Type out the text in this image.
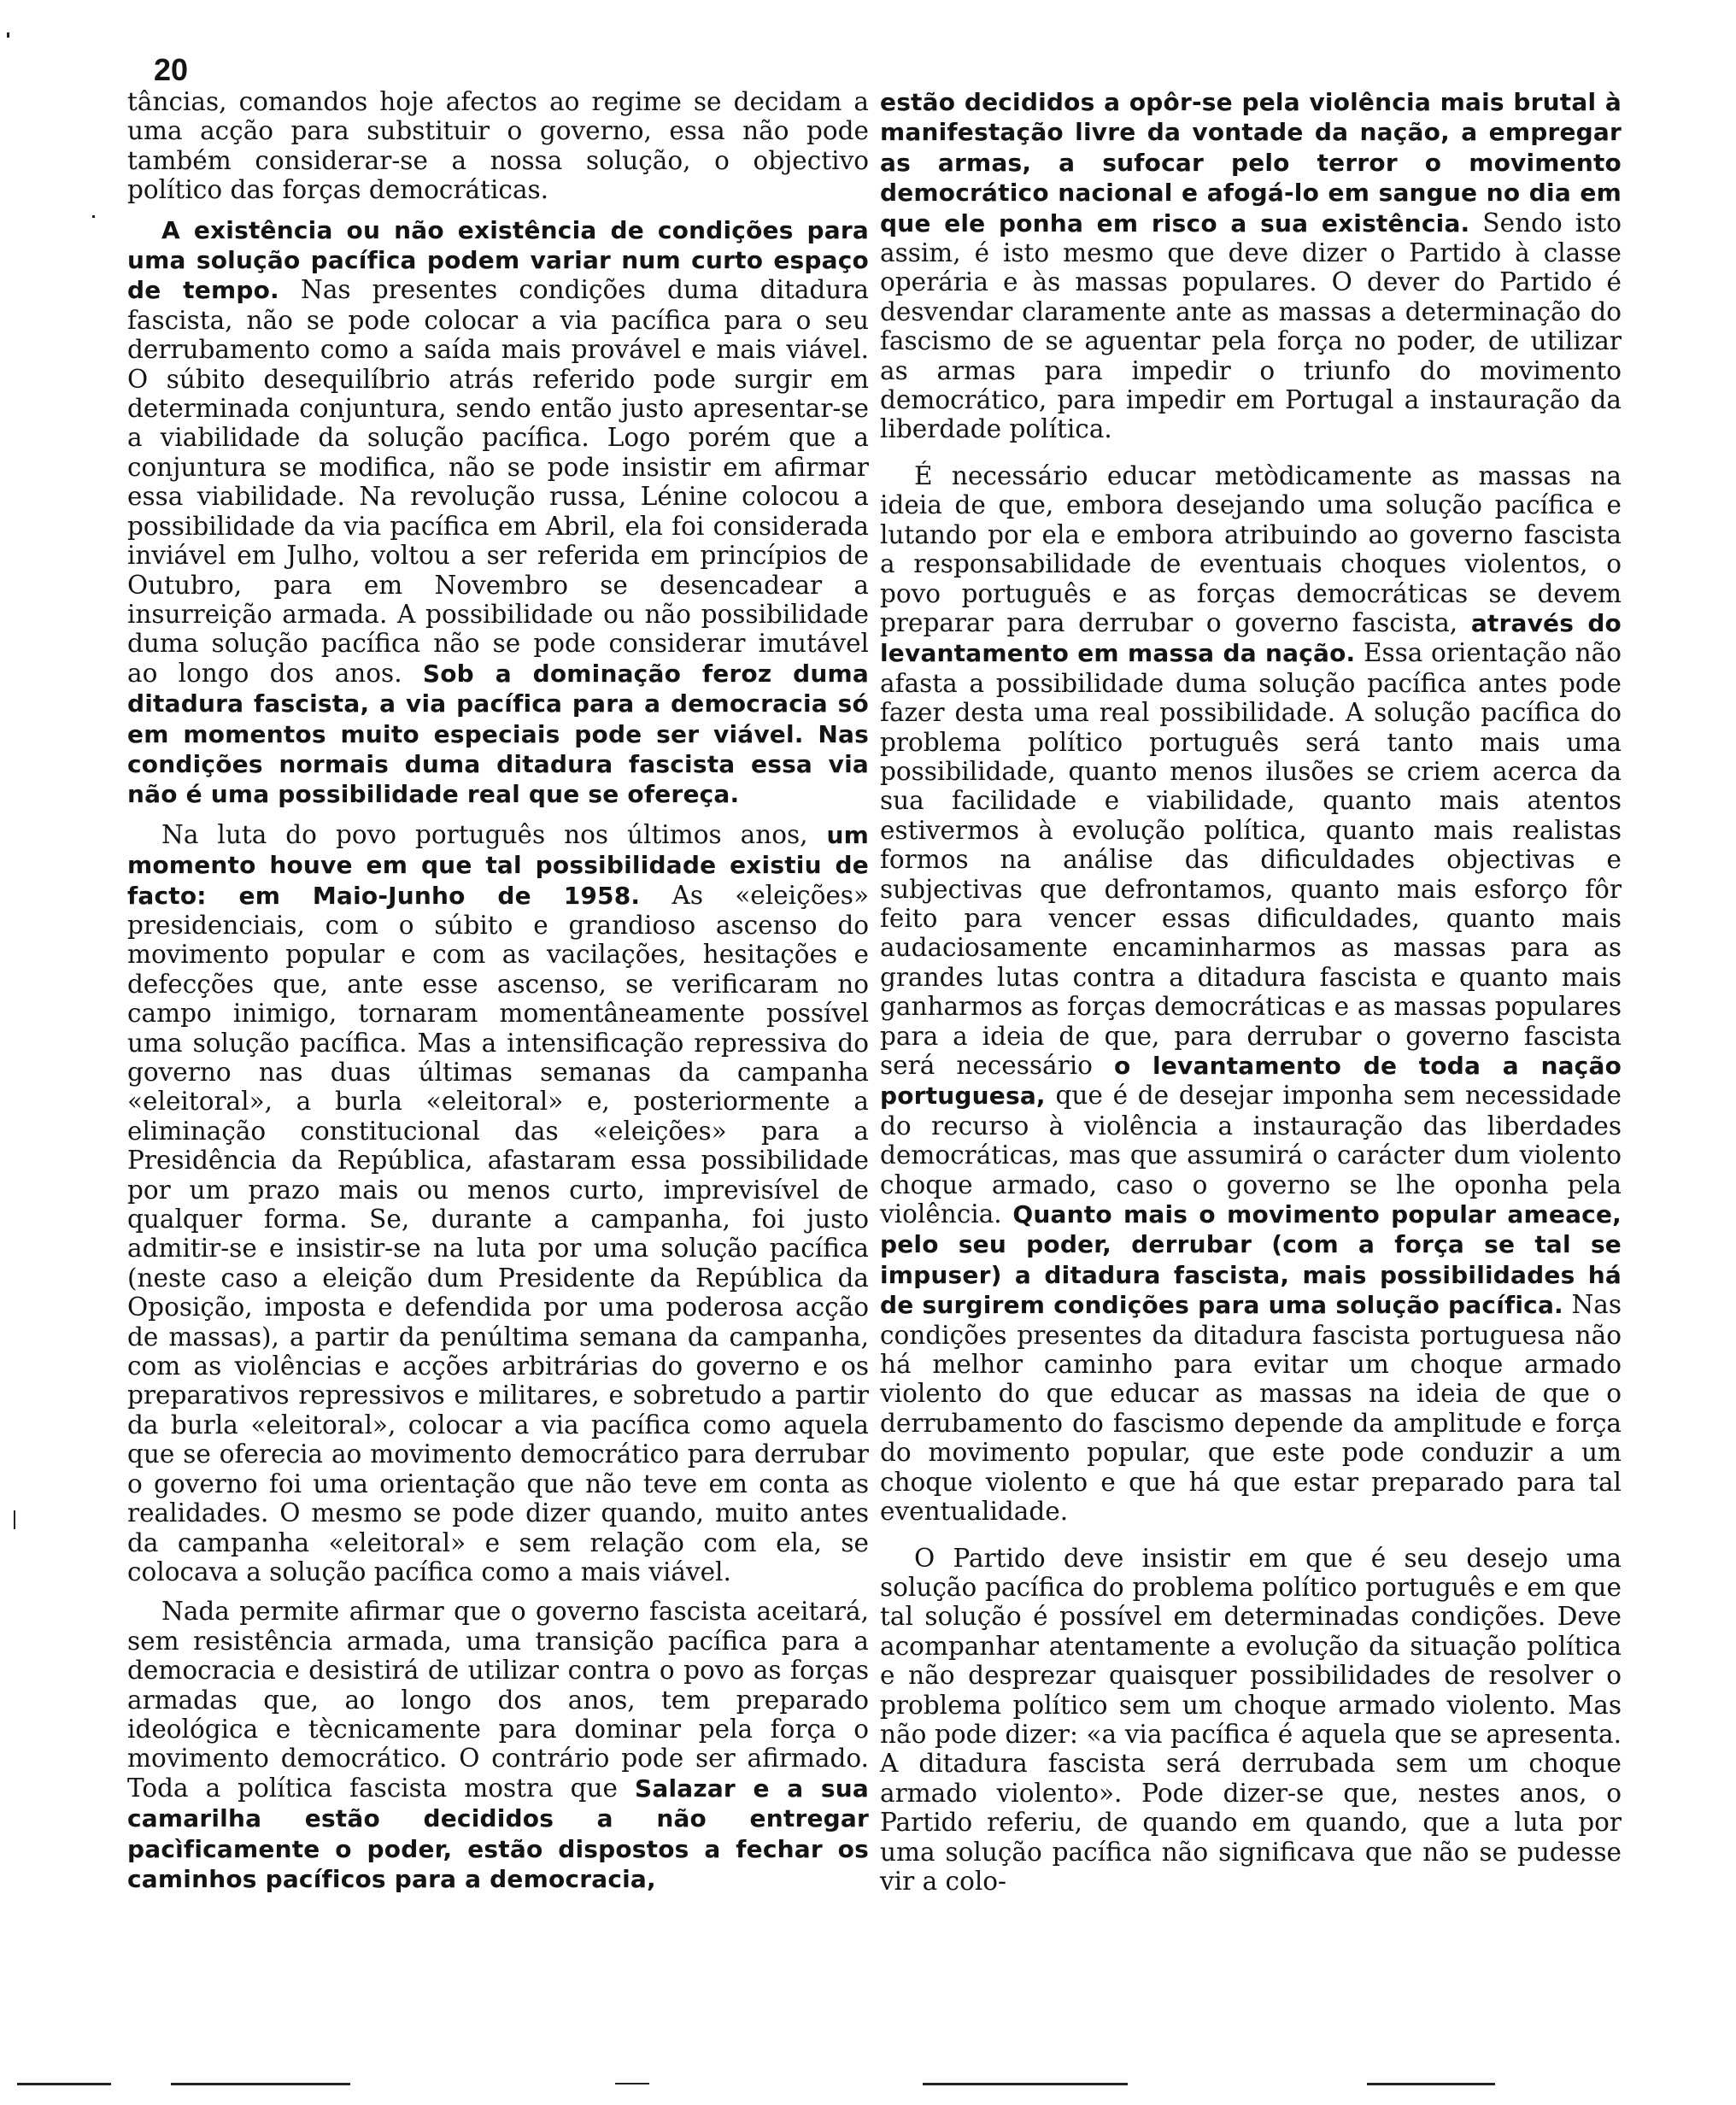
20

tâncias, comandos hoje afectos ao regime se decidam a uma acção para substituir o governo, essa não pode também considerar-se a nossa solução, o objectivo político das forças democráticas.

A existência ou não existência de condições para uma solução pacífica podem variar num curto espaço de tempo. Nas presentes condições duma ditadura fascista, não se pode colocar a via pacífica para o seu derrubamento como a saída mais provável e mais viável. O súbito desequilíbrio atrás referido pode surgir em determinada conjuntura, sendo então justo apresentar-se a viabilidade da solução pacífica. Logo porém que a conjuntura se modifica, não se pode insistir em afirmar essa viabilidade. Na revolução russa, Lénine colocou a possibilidade da via pacífica em Abril, ela foi considerada inviável em Julho, voltou a ser referida em princípios de Outubro, para em Novembro se desencadear a insurreição armada. A possibilidade ou não possibilidade duma solução pacífica não se pode considerar imutável ao longo dos anos. Sob a dominação feroz duma ditadura fascista, a via pacífica para a democracia só em momentos muito especiais pode ser viável. Nas condições normais duma ditadura fascista essa via não é uma possibilidade real que se ofereça.

Na luta do povo português nos últimos anos, um momento houve em que tal possibilidade existiu de facto: em Maio-Junho de 1958. As «eleições» presidenciais, com o súbito e grandioso ascenso do movimento popular e com as vacilações, hesitações e defecções que, ante esse ascenso, se verificaram no campo inimigo, tornaram momentâneamente possível uma solução pacífica. Mas a intensificação repressiva do governo nas duas últimas semanas da campanha «eleitoral», a burla «eleitoral» e, posteriormente a eliminação constitucional das «eleições» para a Presidência da República, afastaram essa possibilidade por um prazo mais ou menos curto, imprevisível de qualquer forma. Se, durante a campanha, foi justo admitir-se e insistir-se na luta por uma solução pacífica (neste caso a eleição dum Presidente da República da Oposição, imposta e defendida por uma poderosa acção de massas), a partir da penúltima semana da campanha, com as violências e acções arbitrárias do governo e os preparativos repressivos e militares, e sobretudo a partir da burla «eleitoral», colocar a via pacífica como aquela que se oferecia ao movimento democrático para derrubar o governo foi uma orientação que não teve em conta as realidades. O mesmo se pode dizer quando, muito antes da campanha «eleitoral» e sem relação com ela, se colocava a solução pacífica como a mais viável.

Nada permite afirmar que o governo fascista aceitará, sem resistência armada, uma transição pacífica para a democracia e desistirá de utilizar contra o povo as forças armadas que, ao longo dos anos, tem preparado ideológica e tècnicamente para dominar pela força o movimento democrático. O contrário pode ser afirmado. Toda a política fascista mostra que Salazar e a sua camarilha estão decididos a não entregar pacìficamente o poder, estão dispostos a fechar os caminhos pacíficos para a democracia,

estão decididos a opôr-se pela violência mais brutal à manifestação livre da vontade da nação, a empregar as armas, a sufocar pelo terror o movimento democrático nacional e afogá-lo em sangue no dia em que ele ponha em risco a sua existência. Sendo isto assim, é isto mesmo que deve dizer o Partido à classe operária e às massas populares. O dever do Partido é desvendar claramente ante as massas a determinação do fascismo de se aguentar pela força no poder, de utilizar as armas para impedir o triunfo do movimento democrático, para impedir em Portugal a instauração da liberdade política.

É necessário educar metòdicamente as massas na ideia de que, embora desejando uma solução pacífica e lutando por ela e embora atribuindo ao governo fascista a responsabilidade de eventuais choques violentos, o povo português e as forças democráticas se devem preparar para derrubar o governo fascista, através do levantamento em massa da nação. Essa orientação não afasta a possibilidade duma solução pacífica antes pode fazer desta uma real possibilidade. A solução pacífica do problema político português será tanto mais uma possibilidade, quanto menos ilusões se criem acerca da sua facilidade e viabilidade, quanto mais atentos estivermos à evolução política, quanto mais realistas formos na análise das dificuldades objectivas e subjectivas que defrontamos, quanto mais esforço fôr feito para vencer essas dificuldades, quanto mais audaciosamente encaminharmos as massas para as grandes lutas contra a ditadura fascista e quanto mais ganharmos as forças democráticas e as massas populares para a ideia de que, para derrubar o governo fascista será necessário o levantamento de toda a nação portuguesa, que é de desejar imponha sem necessidade do recurso à violência a instauração das liberdades democráticas, mas que assumirá o carácter dum violento choque armado, caso o governo se lhe oponha pela violência. Quanto mais o movimento popular ameace, pelo seu poder, derrubar (com a força se tal se impuser) a ditadura fascista, mais possibilidades há de surgirem condições para uma solução pacífica. Nas condições presentes da ditadura fascista portuguesa não há melhor caminho para evitar um choque armado violento do que educar as massas na ideia de que o derrubamento do fascismo depende da amplitude e força do movimento popular, que este pode conduzir a um choque violento e que há que estar preparado para tal eventualidade.

O Partido deve insistir em que é seu desejo uma solução pacífica do problema político português e em que tal solução é possível em determinadas condições. Deve acompanhar atentamente a evolução da situação política e não desprezar quaisquer possibilidades de resolver o problema político sem um choque armado violento. Mas não pode dizer: «a via pacífica é aquela que se apresenta. A ditadura fascista será derrubada sem um choque armado violento». Pode dizer-se que, nestes anos, o Partido referiu, de quando em quando, que a luta por uma solução pacífica não significava que não se pudesse vir a colo-
